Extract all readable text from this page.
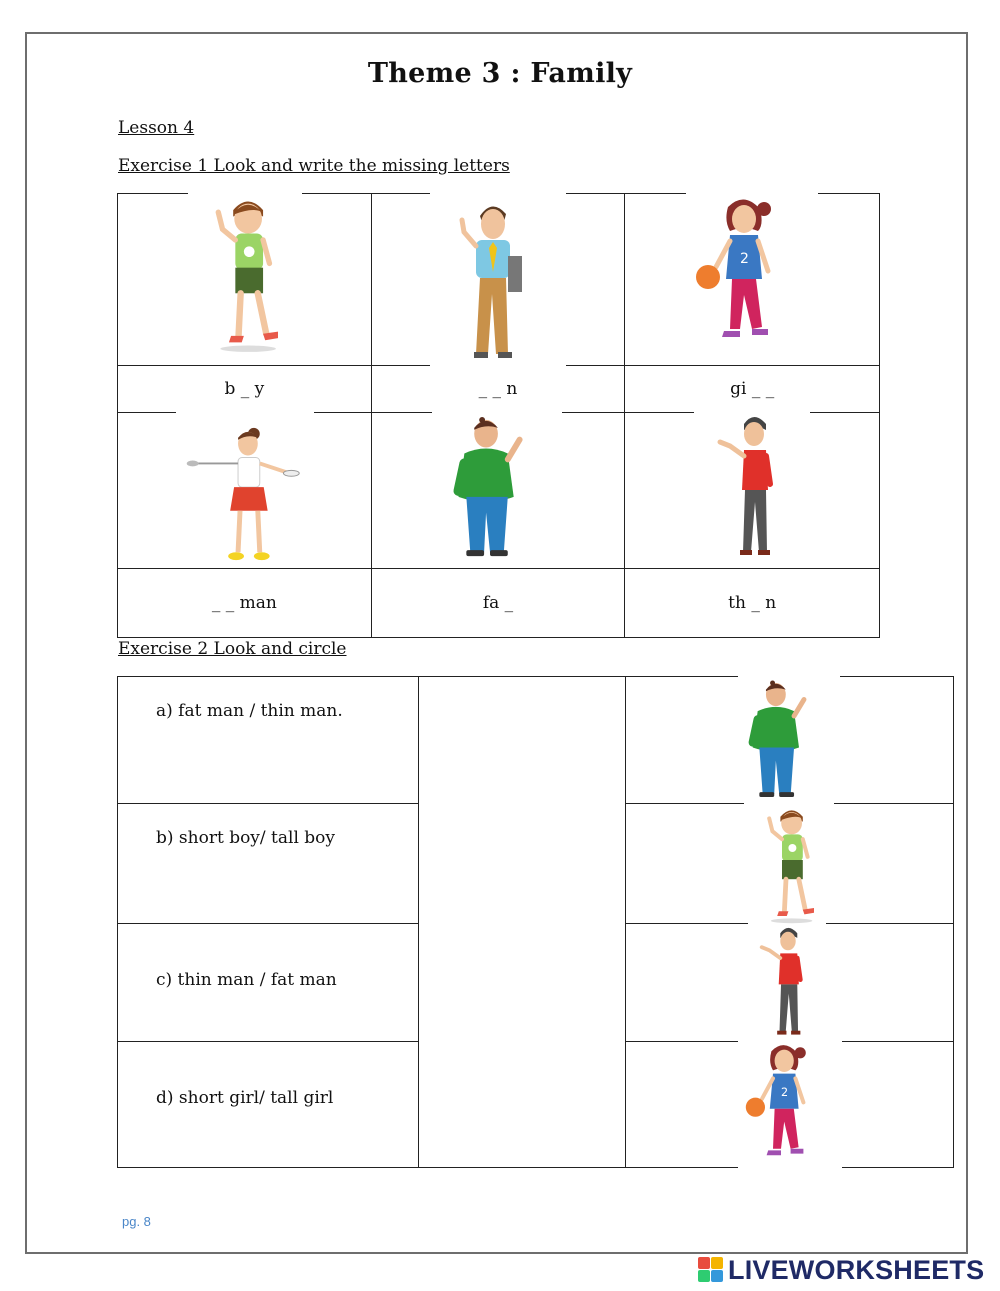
Theme 3 : Family
Lesson 4
Exercise 1 Look and write the missing letters

b _ y	_ _ n	gi _ _

_ _ man	fa _	th _ n
Exercise 2 Look and circle
a) fat man / thin man.		
b) short boy/ tall boy		
c) thin man / fat man		
d) short girl/ tall girl		
pg. 8
LIVEWORKSHEETS
